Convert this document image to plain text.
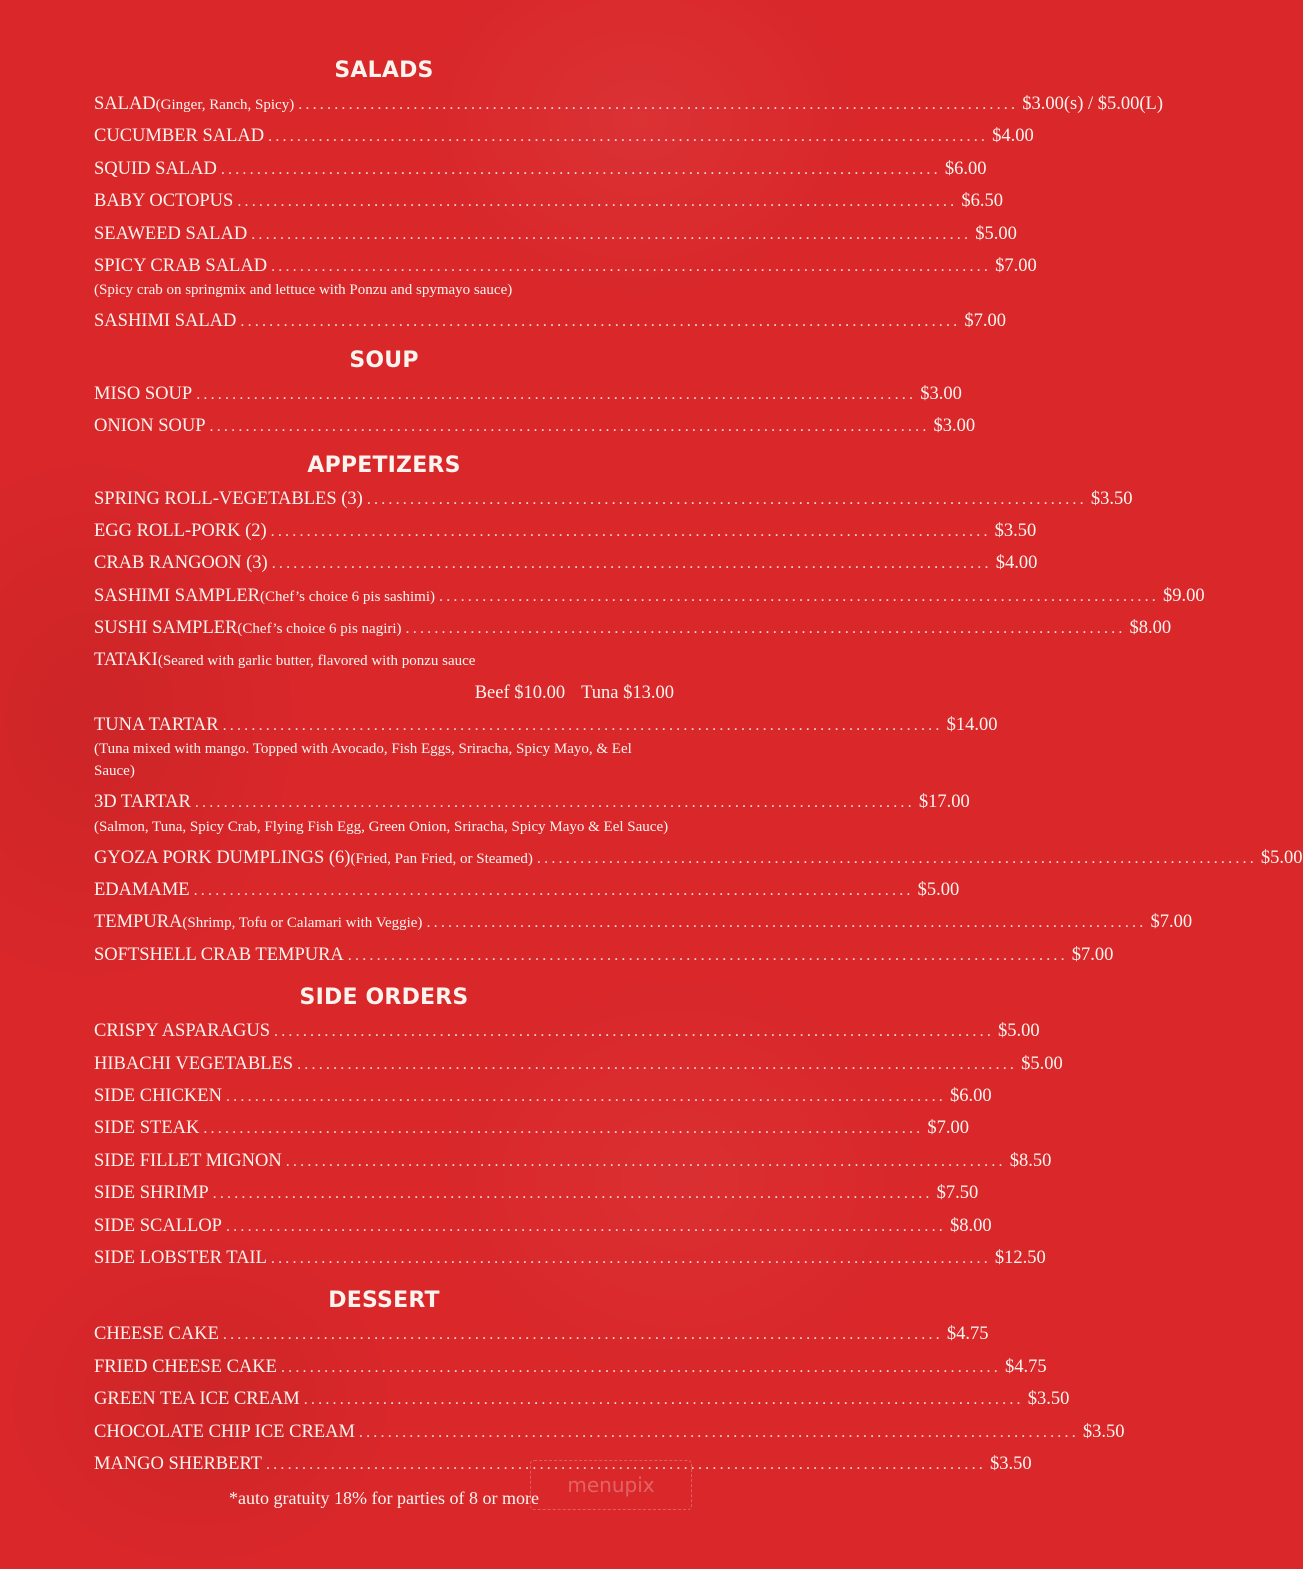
SALADS
SALAD (Ginger, Ranch, Spicy) .................................................................................................... $3.00(s) / $5.00(L)
CUCUMBER SALAD .................................................................................................... $4.00
SQUID SALAD .................................................................................................... $6.00
BABY OCTOPUS .................................................................................................... $6.50
SEAWEED SALAD .................................................................................................... $5.00
SPICY CRAB SALAD .................................................................................................... $7.00
(Spicy crab on springmix and lettuce with Ponzu and spymayo sauce)
SASHIMI SALAD .................................................................................................... $7.00
SOUP
MISO SOUP .................................................................................................... $3.00
ONION SOUP .................................................................................................... $3.00
APPETIZERS
SPRING ROLL-VEGETABLES (3) .................................................................................................... $3.50
EGG ROLL-PORK (2) .................................................................................................... $3.50
CRAB RANGOON (3) .................................................................................................... $4.00
SASHIMI SAMPLER (Chef’s choice 6 pis sashimi) .................................................................................................... $9.00
SUSHI SAMPLER (Chef’s choice 6 pis nagiri) .................................................................................................... $8.00
TATAKI (Seared with garlic butter, flavored with ponzu sauce
Beef $10.00 Tuna $13.00
TUNA TARTAR .................................................................................................... $14.00
(Tuna mixed with mango. Topped with Avocado, Fish Eggs, Sriracha, Spicy Mayo, & Eel Sauce)
3D TARTAR .................................................................................................... $17.00
(Salmon, Tuna, Spicy Crab, Flying Fish Egg, Green Onion, Sriracha, Spicy Mayo & Eel Sauce)
GYOZA PORK DUMPLINGS (6) (Fried, Pan Fried, or Steamed) .................................................................................................... $5.00
EDAMAME .................................................................................................... $5.00
TEMPURA (Shrimp, Tofu or Calamari with Veggie) .................................................................................................... $7.00
SOFTSHELL CRAB TEMPURA .................................................................................................... $7.00
SIDE ORDERS
CRISPY ASPARAGUS .................................................................................................... $5.00
HIBACHI VEGETABLES .................................................................................................... $5.00
SIDE CHICKEN .................................................................................................... $6.00
SIDE STEAK .................................................................................................... $7.00
SIDE FILLET MIGNON .................................................................................................... $8.50
SIDE SHRIMP .................................................................................................... $7.50
SIDE SCALLOP .................................................................................................... $8.00
SIDE LOBSTER TAIL .................................................................................................... $12.50
DESSERT
CHEESE CAKE .................................................................................................... $4.75
FRIED CHEESE CAKE .................................................................................................... $4.75
GREEN TEA ICE CREAM .................................................................................................... $3.50
CHOCOLATE CHIP ICE CREAM .................................................................................................... $3.50
MANGO SHERBERT .................................................................................................... $3.50
*auto gratuity 18% for parties of 8 or more
menupix
